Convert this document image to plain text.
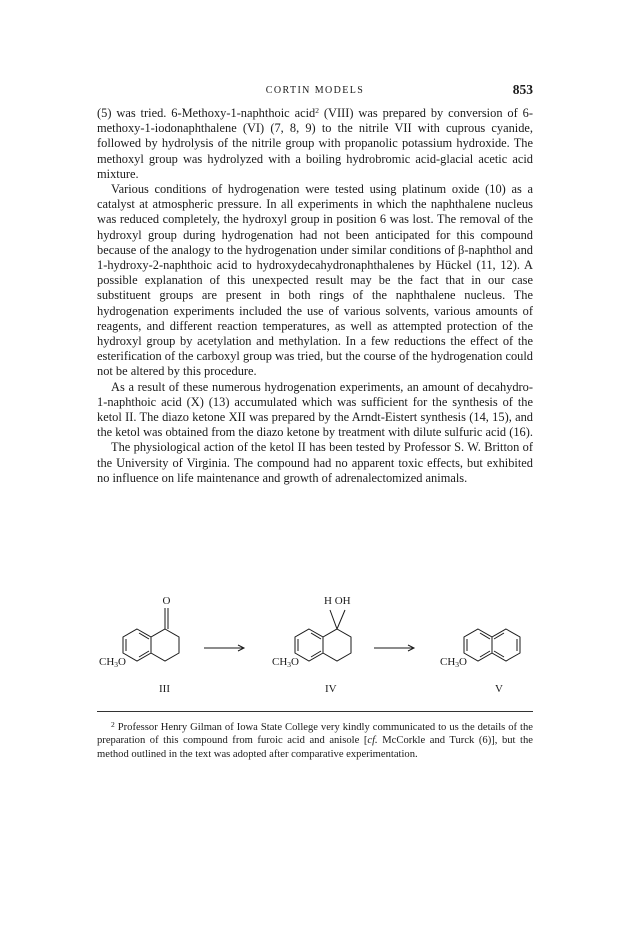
CORTIN MODELS	853

(5) was tried. 6-Methoxy-1-naphthoic acid$^2$ (VIII) was prepared by conversion of 6-methoxy-1-iodonaphthalene (VI) (7, 8, 9) to the nitrile VII with cuprous cyanide, followed by hydrolysis of the nitrile group with propanolic potassium hydroxide. The methoxyl group was hydrolyzed with a boiling hydrobromic acid-glacial acetic acid mixture.

Various conditions of hydrogenation were tested using platinum oxide (10) as a catalyst at atmospheric pressure. In all experiments in which the naphthalene nucleus was reduced completely, the hydroxyl group in position 6 was lost. The removal of the hydroxyl group during hydrogenation had not been anticipated for this compound because of the analogy to the hydrogenation under similar conditions of β-naphthol and 1-hydroxy-2-naphthoic acid to hydroxydecahydronaphthalenes by Hückel (11, 12). A possible explanation of this unexpected result may be the fact that in our case substituent groups are present in both rings of the naphthalene nucleus. The hydrogenation experiments included the use of various solvents, various amounts of reagents, and different reaction temperatures, as well as attempted protection of the hydroxyl group by acetylation and methylation. In a few reductions the effect of the esterification of the carboxyl group was tried, but the course of the hydrogenation could not be altered by this procedure.

As a result of these numerous hydrogenation experiments, an amount of decahydro-1-naphthoic acid (X) (13) accumulated which was sufficient for the synthesis of the ketol II. The diazo ketone XII was prepared by the Arndt-Eistert synthesis (14, 15), and the ketol was obtained from the diazo ketone by treatment with dilute sulfuric acid (16).

The physiological action of the ketol II has been tested by Professor S. W. Britton of the University of Virginia. The compound had no apparent toxic effects, but exhibited no influence on life maintenance and growth of adrenalectomized animals.

O
CH3O
III
H OH
CH3O
IV
CH3O
V

$^2$ Professor Henry Gilman of Iowa State College very kindly communicated to us the details of the preparation of this compound from furoic acid and anisole [cf. McCorkle and Turck (6)], but the method outlined in the text was adopted after comparative experimentation.
